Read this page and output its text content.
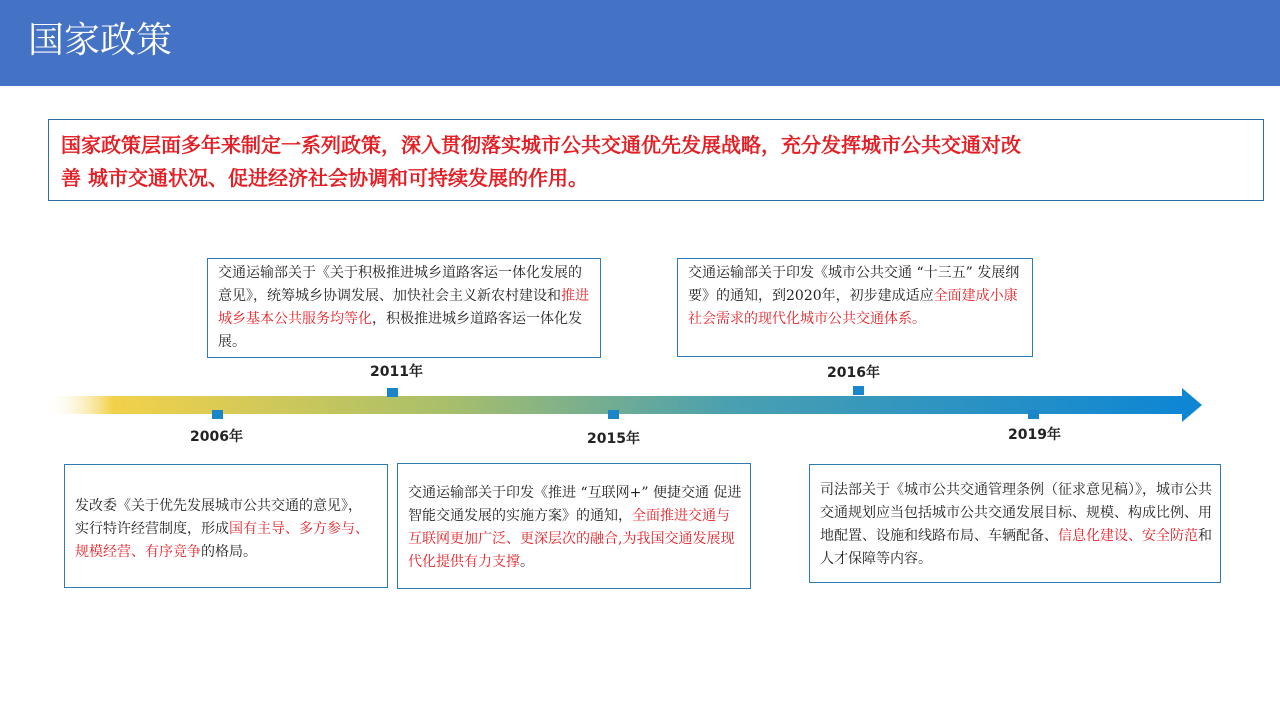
国家政策
国家政策层面多年来制定一系列政策，深入贯彻落实城市公共交通优先发展战略，充分发挥城市公共交通对改
善 城市交通状况、促进经济社会协调和可持续发展的作用。
2006年
2011年
2015年
2016年
2019年
交通运输部关于《关于积极推进城乡道路客运一体化发展的意见》，统筹城乡协调发展、加快社会主义新农村建设和推进城乡基本公共服务均等化，积极推进城乡道路客运一体化发展。
交通运输部关于印发《城市公共交通 “十三五” 发展纲要》的通知，到2020年，初步建成适应全面建成小康社会需求的现代化城市公共交通体系。
发改委《关于优先发展城市公共交通的意见》，实行特许经营制度，形成国有主导、多方参与、规模经营、有序竞争的格局。
交通运输部关于印发《推进 “互联网+” 便捷交通 促进智能交通发展的实施方案》的通知，全面推进交通与互联网更加广泛、更深层次的融合,为我国交通发展现代化提供有力支撑。
司法部关于《城市公共交通管理条例（征求意见稿）》，城市公共交通规划应当包括城市公共交通发展目标、规模、构成比例、用地配置、设施和线路布局、车辆配备、信息化建设、安全防范和人才保障等内容。
